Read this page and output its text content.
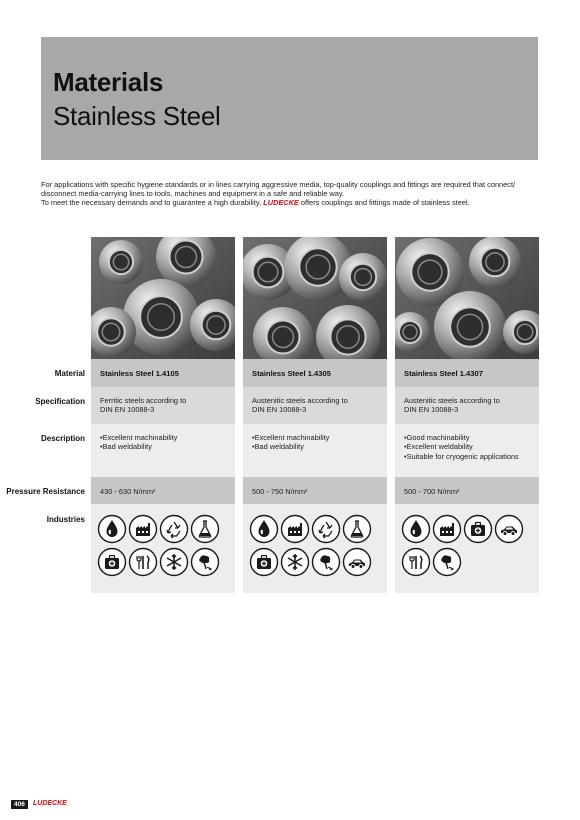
Materials
Stainless Steel

For applications with specific hygiene standards or in lines carrying aggressive media, top-quality couplings and fittings are required that connect/

disconnect media-carrying lines to tools, machines and equipment in a safe and reliable way.

To meet the necessary demands and to guarantee a high durability, LUDECKE offers couplings and fittings made of stainless steel.

Material
Specification
Description
Pressure Resistance
Industries
Stainless Steel 1.4105
Ferritic steels according to
DIN EN 10088-3
• Excellent machinability
• Bad weldability
430 - 630 N/mm²
Stainless Steel 1.4305
Austenitic steels according to
DIN EN 10088-3
• Excellent machinability
• Bad weldability
500 - 750 N/mm²
Stainless Steel 1.4307
Austenitic steels according to
DIN EN 10088-3
• Good machinability
• Excellent weldability
• Suitable for cryogenic applications
500 - 700 N/mm²
406	LUDECKE
